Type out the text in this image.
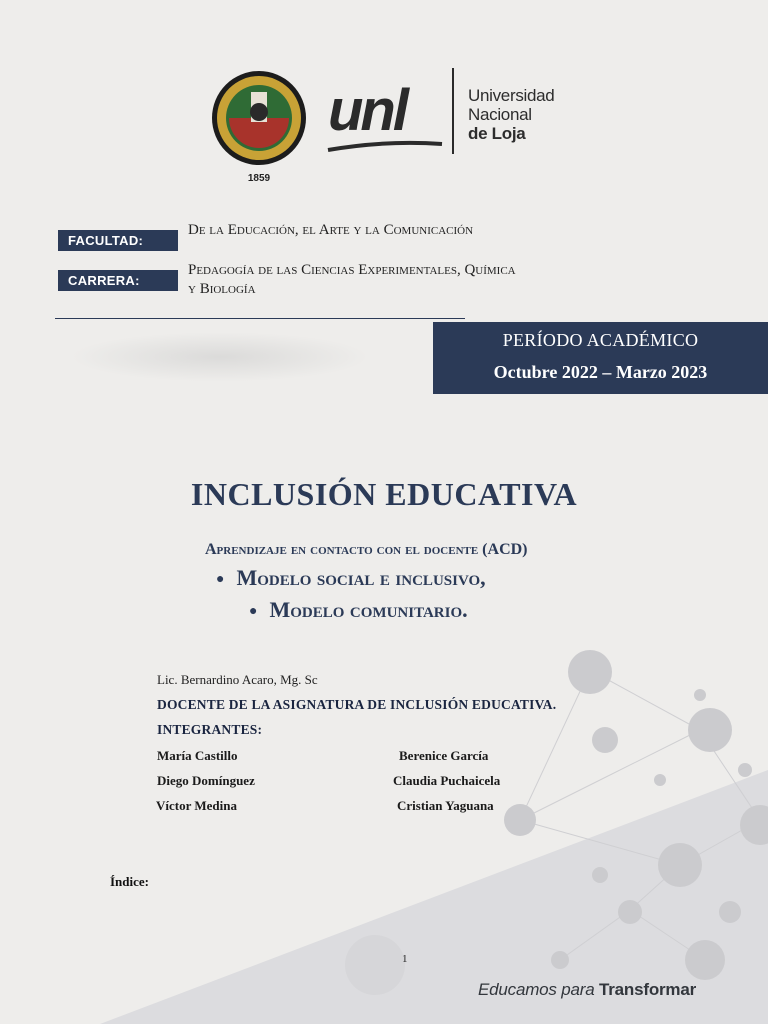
1859
unl	Universidad
Nacional
de Loja
FACULTAD:
De la Educación, el Arte y la Comunicación
CARRERA:
Pedagogía de las Ciencias Experimentales, Química
y Biología
PERÍODO ACADÉMICO
Octubre 2022 – Marzo 2023
INCLUSIÓN EDUCATIVA
Aprendizaje en contacto con el docente (ACD)
● Modelo social e inclusivo,
● Modelo comunitario.
Lic. Bernardino Acaro, Mg. Sc
DOCENTE DE LA ASIGNATURA DE INCLUSIÓN EDUCATIVA.
INTEGRANTES:
María Castillo	Berenice García
Diego Domínguez	Claudia Puchaicela
Víctor Medina	Cristian Yaguana
Índice:
1
Educamos para Transformar
